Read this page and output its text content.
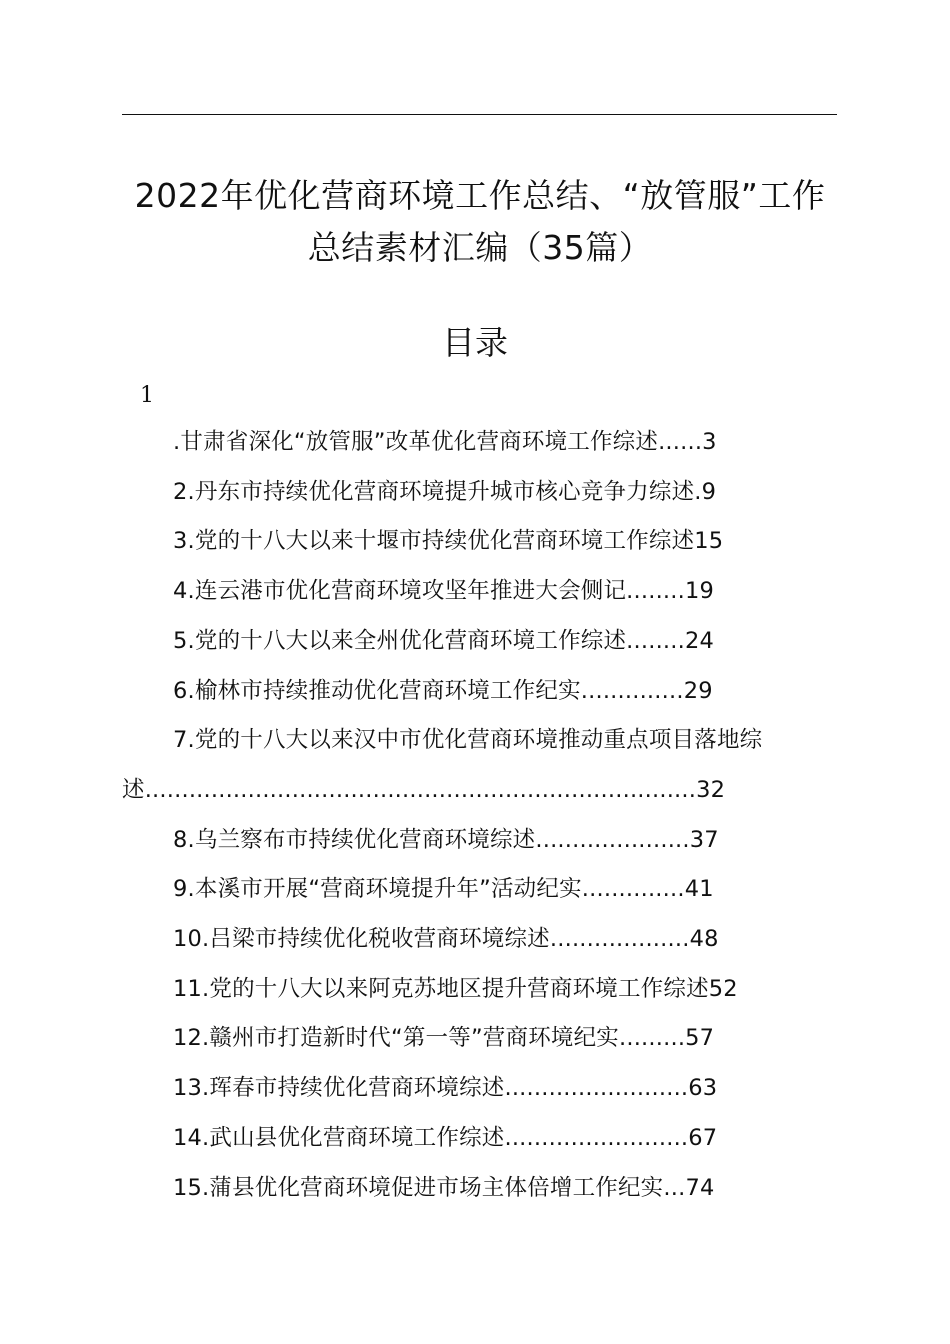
2022年优化营商环境工作总结、“放管服”工作
总结素材汇编（35篇）
目录
1
.甘肃省深化“放管服”改革优化营商环境工作综述......3
2.丹东市持续优化营商环境提升城市核心竞争力综述.9
3.党的十八大以来十堰市持续优化营商环境工作综述15
4.连云港市优化营商环境攻坚年推进大会侧记........19
5.党的十八大以来全州优化营商环境工作综述........24
6.榆林市持续推动优化营商环境工作纪实..............29
7.党的十八大以来汉中市优化营商环境推动重点项目落地综
述...........................................................................32
8.乌兰察布市持续优化营商环境综述.....................37
9.本溪市开展“营商环境提升年”活动纪实..............41
10.吕梁市持续优化税收营商环境综述...................48
11.党的十八大以来阿克苏地区提升营商环境工作综述52
12.赣州市打造新时代“第一等”营商环境纪实.........57
13.珲春市持续优化营商环境综述.........................63
14.武山县优化营商环境工作综述.........................67
15.蒲县优化营商环境促进市场主体倍增工作纪实...74
